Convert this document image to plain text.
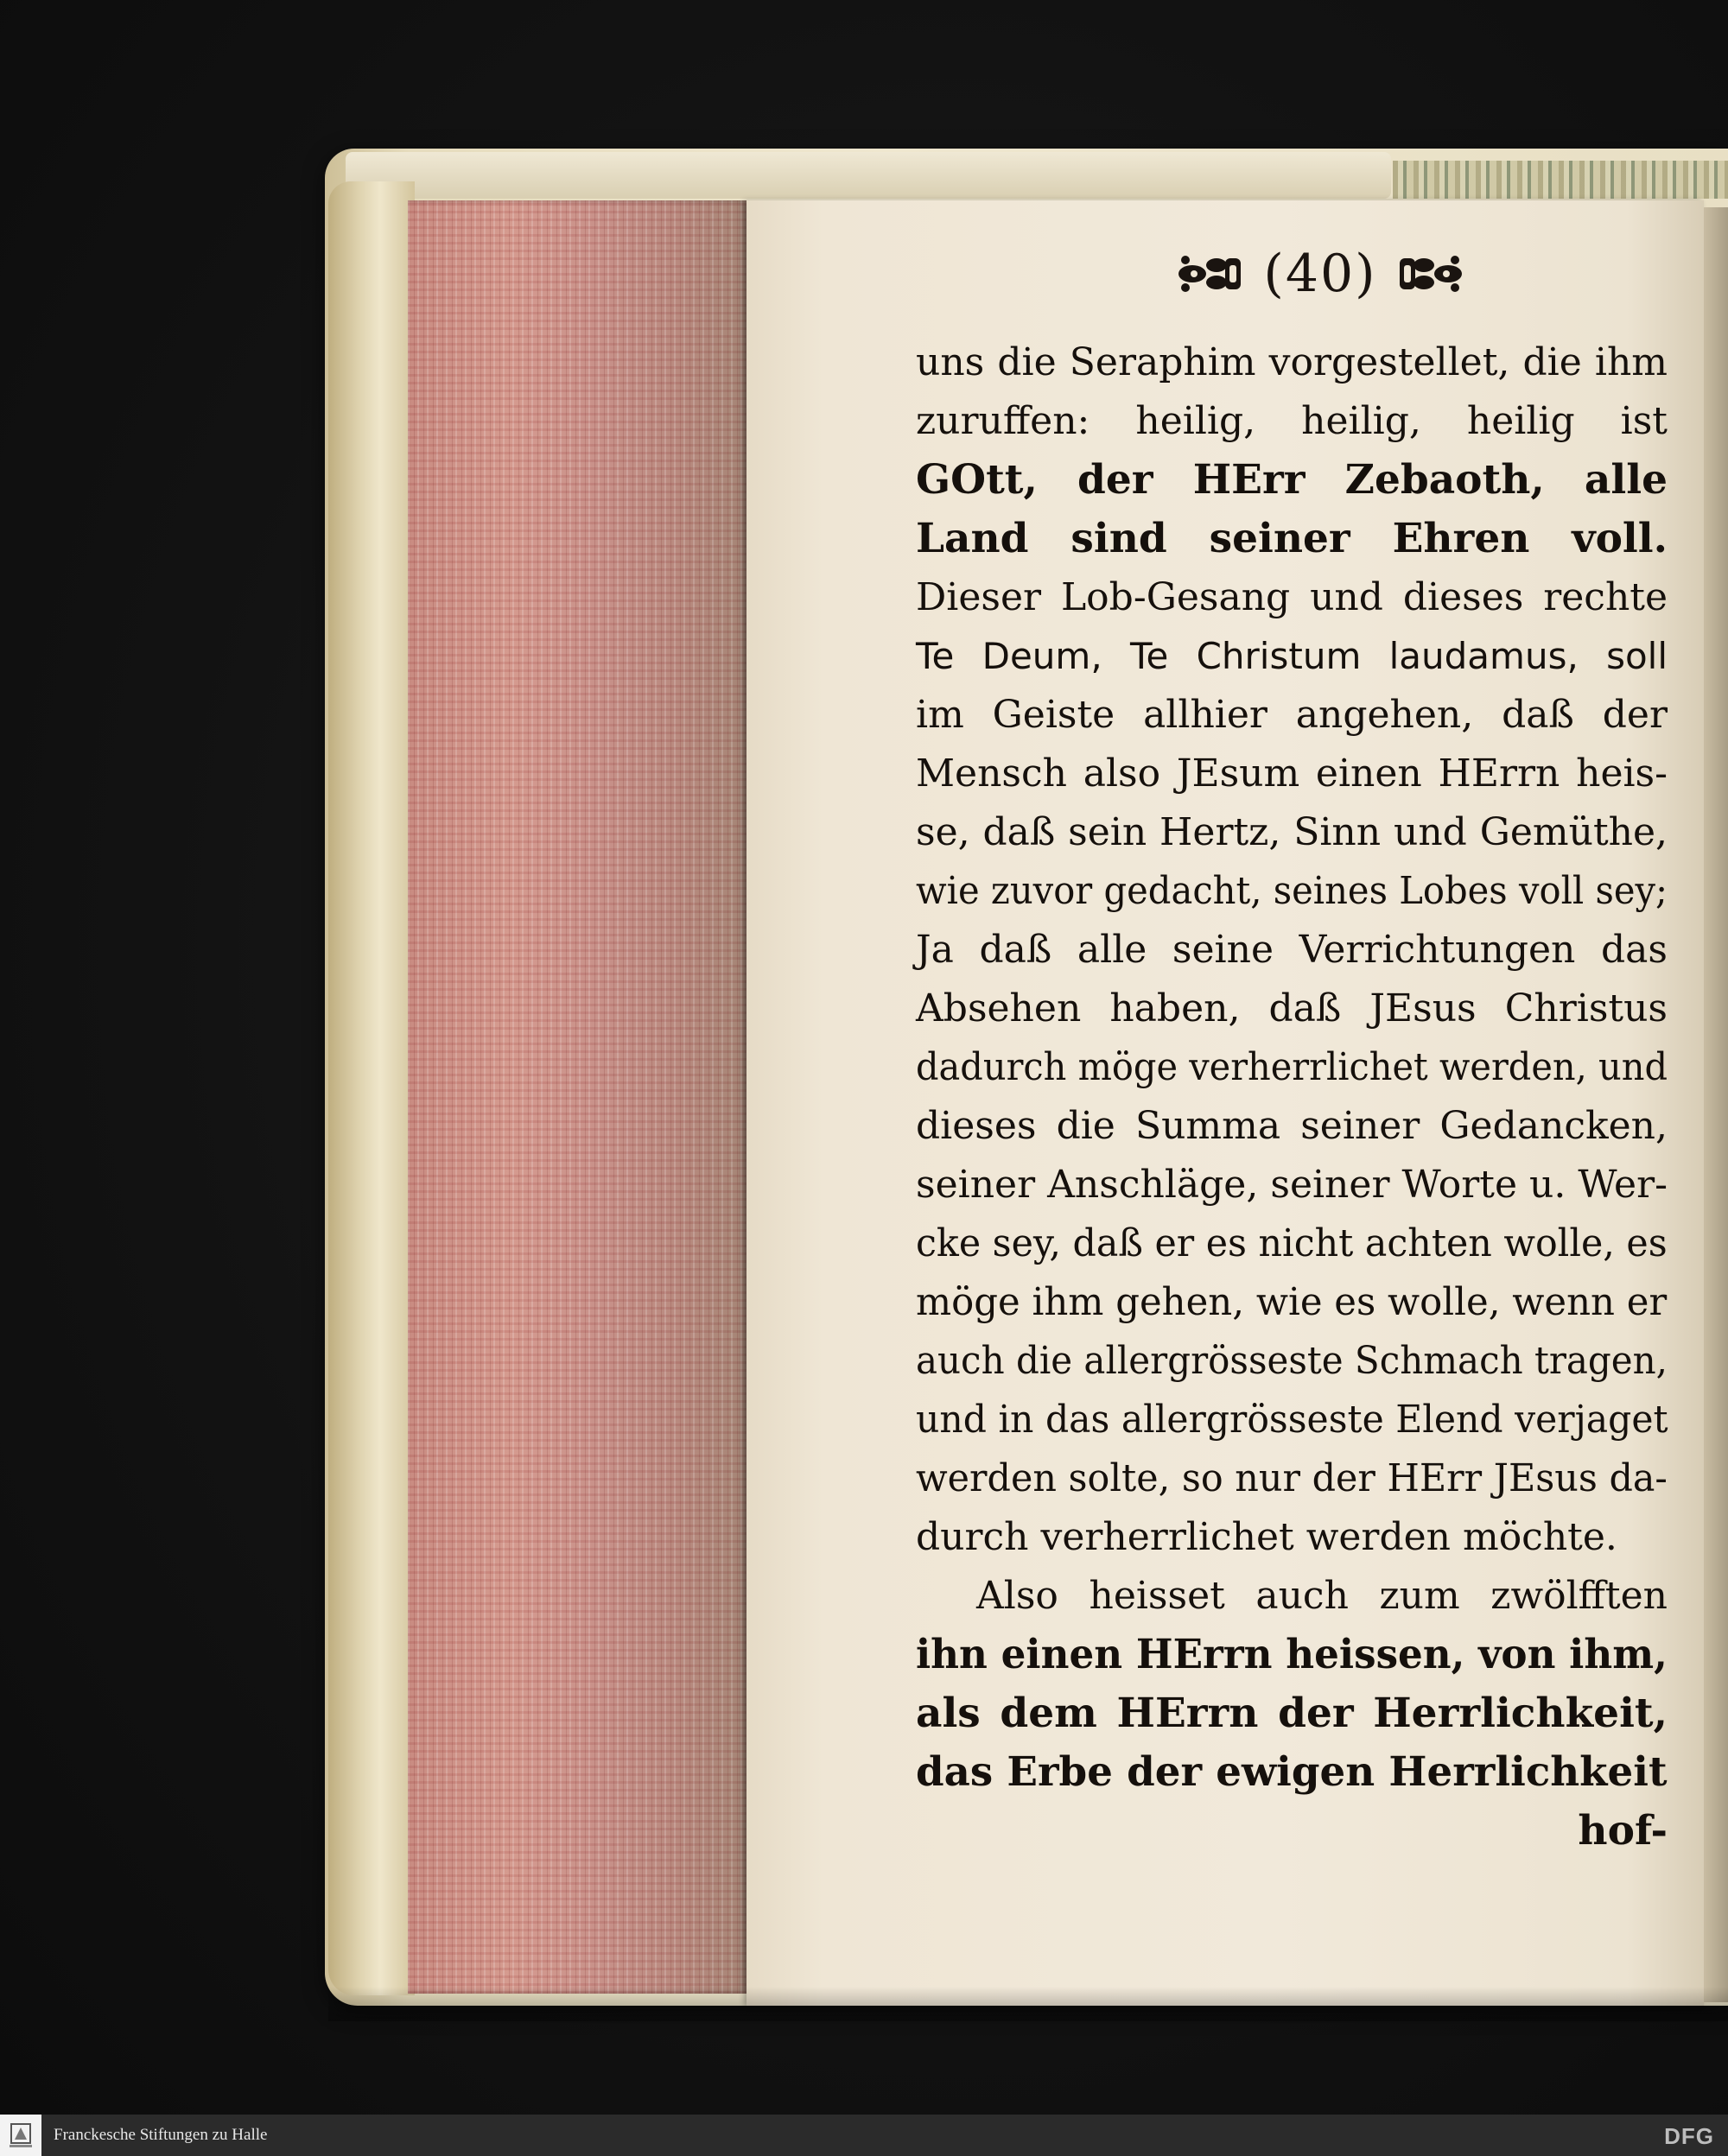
(40)
uns die Seraphim vorgestellet, die ihm
zuruffen: heilig, heilig, heilig ist
GOtt, der HErr Zebaoth, alle
Land sind seiner Ehren voll.
Dieser Lob-Gesang und dieses rechte
Te Deum, Te Christum laudamus, soll
im Geiste allhier angehen, daß der
Mensch also JEsum einen HErrn heis-
se, daß sein Hertz, Sinn und Gemüthe,
wie zuvor gedacht, seines Lobes voll sey;
Ja daß alle seine Verrichtungen das
Absehen haben, daß JEsus Christus
dadurch möge verherrlichet werden, und
dieses die Summa seiner Gedancken,
seiner Anschläge, seiner Worte u. Wer-
cke sey, daß er es nicht achten wolle, es
möge ihm gehen, wie es wolle, wenn er
auch die allergrösseste Schmach tragen,
und in das allergrösseste Elend verjaget
werden solte, so nur der HErr JEsus da-
durch verherrlichet werden möchte.
Also heisset auch zum zwölfften
ihn einen HErrn heissen, von ihm,
als dem HErrn der Herrlichkeit,
das Erbe der ewigen Herrlichkeit
hof-
Franckesche Stiftungen zu Halle	DFG
